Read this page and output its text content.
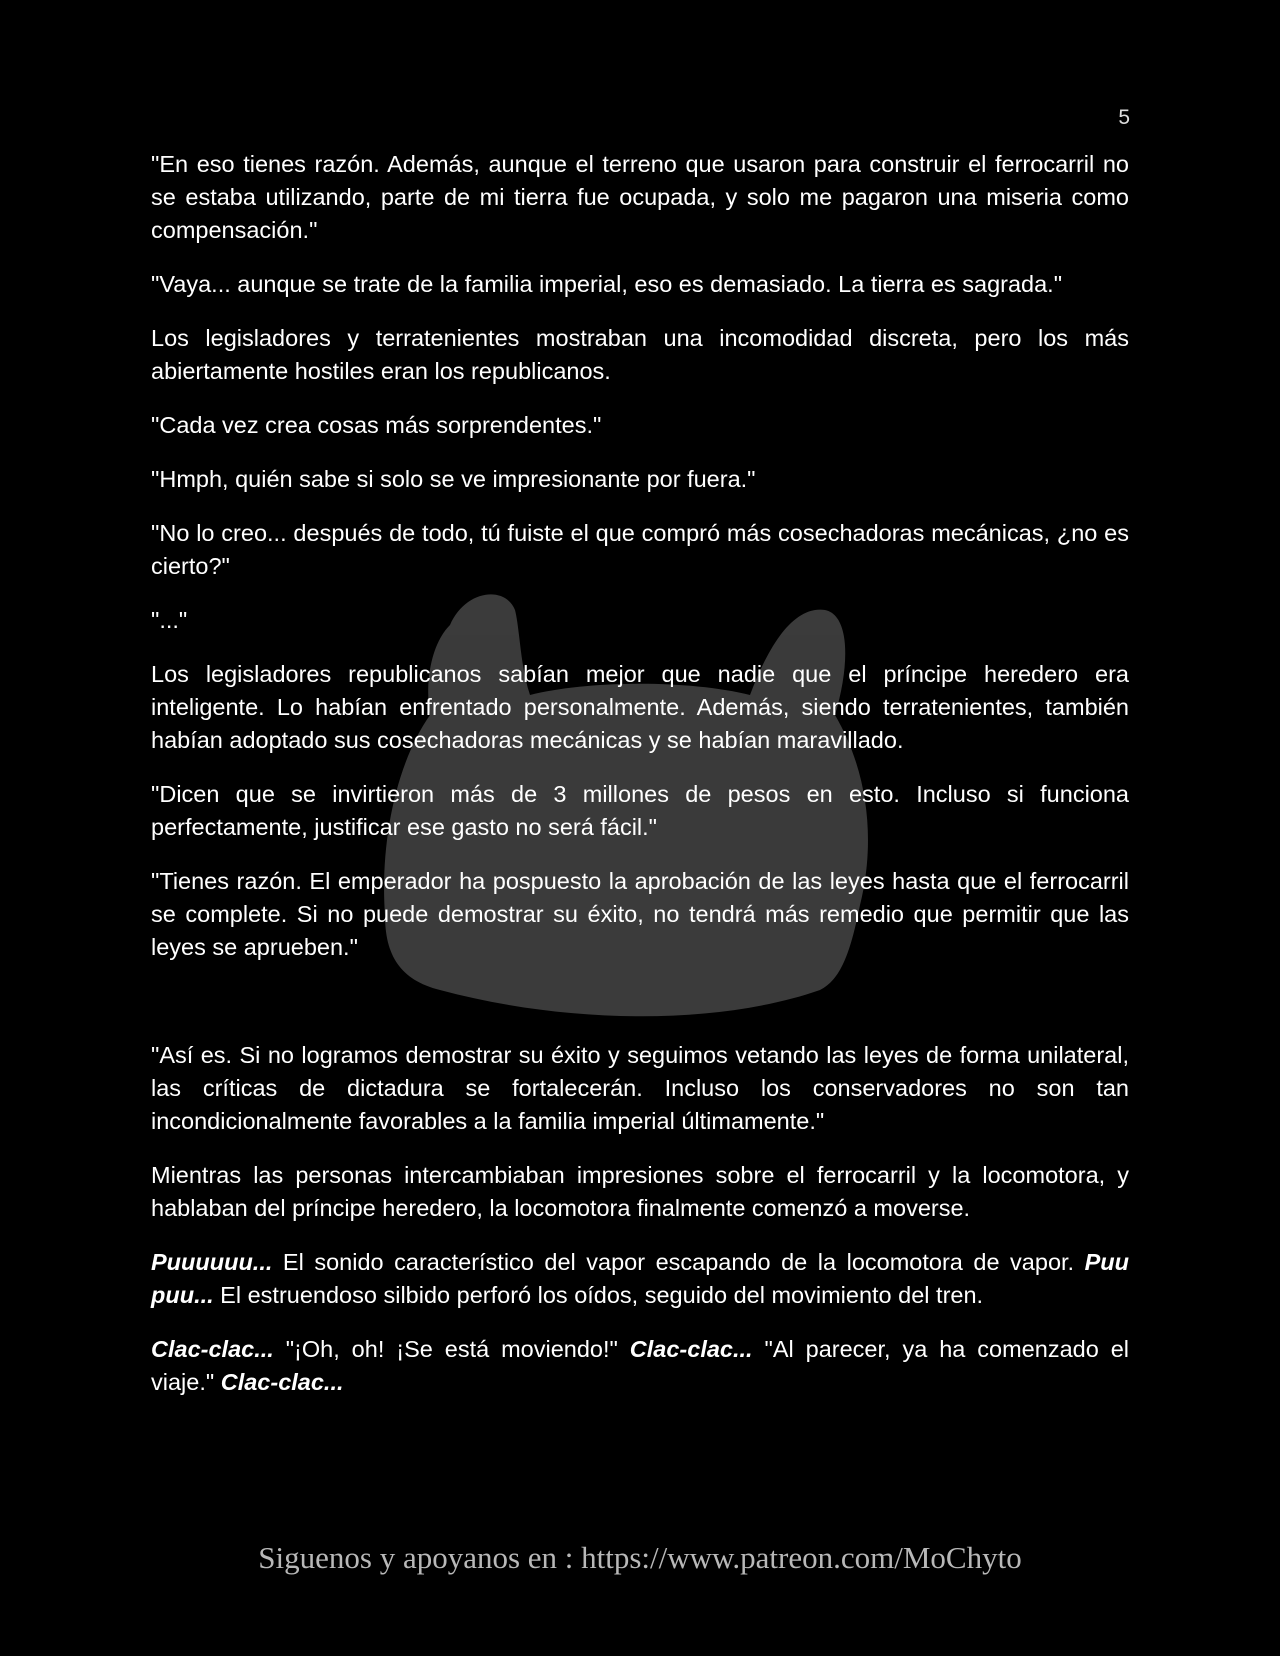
5

"En eso tienes razón. Además, aunque el terreno que usaron para construir el ferrocarril no se estaba utilizando, parte de mi tierra fue ocupada, y solo me pagaron una miseria como compensación."

"Vaya... aunque se trate de la familia imperial, eso es demasiado. La tierra es sagrada."

Los legisladores y terratenientes mostraban una incomodidad discreta, pero los más abiertamente hostiles eran los republicanos.

"Cada vez crea cosas más sorprendentes."

"Hmph, quién sabe si solo se ve impresionante por fuera."

"No lo creo... después de todo, tú fuiste el que compró más cosechadoras mecánicas, ¿no es cierto?"

"..."

Los legisladores republicanos sabían mejor que nadie que el príncipe heredero era inteligente. Lo habían enfrentado personalmente. Además, siendo terratenientes, también habían adoptado sus cosechadoras mecánicas y se habían maravillado.

"Dicen que se invirtieron más de 3 millones de pesos en esto. Incluso si funciona perfectamente, justificar ese gasto no será fácil."

"Tienes razón. El emperador ha pospuesto la aprobación de las leyes hasta que el ferrocarril se complete. Si no puede demostrar su éxito, no tendrá más remedio que permitir que las leyes se aprueben."

"Así es. Si no logramos demostrar su éxito y seguimos vetando las leyes de forma unilateral, las críticas de dictadura se fortalecerán. Incluso los conservadores no son tan incondicionalmente favorables a la familia imperial últimamente."

Mientras las personas intercambiaban impresiones sobre el ferrocarril y la locomotora, y hablaban del príncipe heredero, la locomotora finalmente comenzó a moverse.

Puuuuuu... El sonido característico del vapor escapando de la locomotora de vapor. Puu puu... El estruendoso silbido perforó los oídos, seguido del movimiento del tren.

Clac-clac... "¡Oh, oh! ¡Se está moviendo!" Clac-clac... "Al parecer, ya ha comenzado el viaje." Clac-clac...

Siguenos y apoyanos en : https://www.patreon.com/MoChyto
